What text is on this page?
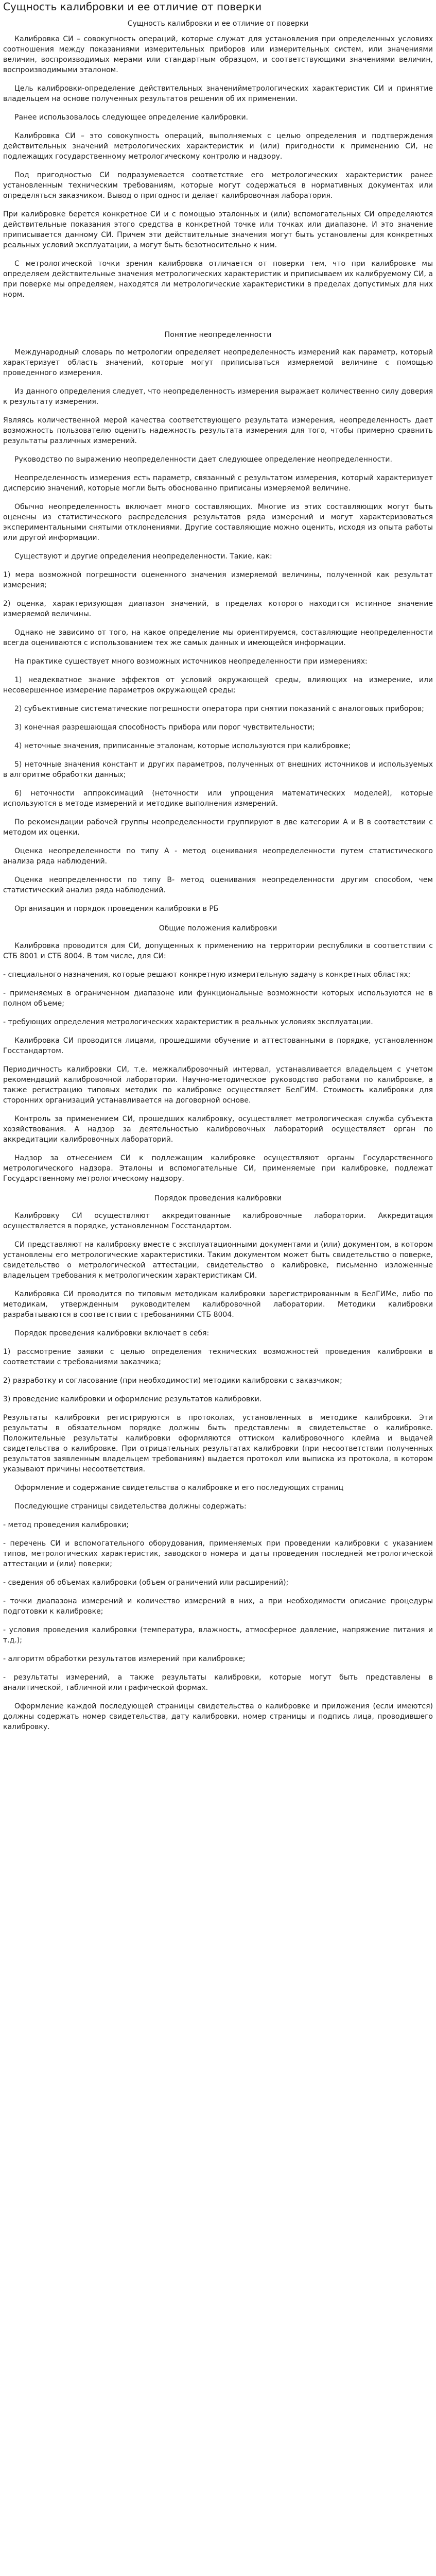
Сущность калибровки и ее отличие от поверки
Сущность калибровки и ее отличие от поверки

Калибровка СИ – совокупность операций, которые служат для установления при определенных условиях соотношения между показаниями измерительных приборов или измерительных систем, или значениями величин, воспроизводимых мерами или стандартным образцом, и соответствующими значениями величин, воспроизводимыми эталоном.

Цель калибровки-определение действительных значенийметрологических характеристик СИ и принятие владельцем на основе полученных результатов решения об их применении.

Ранее использовалось следующее определение калибровки.

Калибровка СИ – это совокупность операций, выполняемых с целью определения и подтверждения действительных значений метрологических характеристик и (или) пригодности к применению СИ, не подлежащих государственному метрологическому контролю и надзору.

Под пригодностью СИ подразумевается соответствие его метрологических характеристик ранее установленным техническим требованиям, которые могут содержаться в нормативных документах или определяться заказчиком. Вывод о пригодности делает калибровочная лаборатория.

При калибровке берется конкретное СИ и с помощью эталонных и (или) вспомогательных СИ определяются действительные показания этого средства в конкретной точке или точках или диапазоне. И это значение приписывается данному СИ. Причем эти действительные значения могут быть установлены для конкретных реальных условий эксплуатации, а могут быть безотносительно к ним.

С метрологической точки зрения калибровка отличается от поверки тем, что при калибровке мы определяем действительные значения метрологических характеристик и приписываем их калибруемому СИ, а при поверке мы определяем, находятся ли метрологические характеристики в пределах допустимых для них норм.

Понятие неопределенности

Международный словарь по метрологии определяет неопределенность измерений как параметр, который характеризует область значений, которые могут приписываться измеряемой величине с помощью проведенного измерения.

Из данного определения следует, что неопределенность измерения выражает количественно силу доверия к результату измерения.

Являясь количественной мерой качества соответствующего результата измерения, неопределенность дает возможность пользователю оценить надежность результата измерения для того, чтобы примерно сравнить результаты различных измерений.

Руководство по выражению неопределенности дает следующее определение неопределенности.

Неопределенность измерения есть параметр, связанный с результатом измерения, который характеризует дисперсию значений, которые могли быть обоснованно приписаны измеряемой величине.

Обычно неопределенность включает много составляющих. Многие из этих составляющих могут быть оценены из статистического распределения результатов ряда измерений и могут характеризоваться экспериментальными снятыми отклонениями. Другие составляющие можно оценить, исходя из опыта работы или другой информации.

Существуют и другие определения неопределенности. Такие, как:

1) мера возможной погрешности оцененного значения измеряемой величины, полученной как результат измерения;

2) оценка, характеризующая диапазон значений, в пределах которого находится истинное значение измеряемой величины.

Однако не зависимо от того, на какое определение мы ориентируемся, составляющие неопределенности всегда оцениваются с использованием тех же самых данных и имеющейся информации.

На практике существует много возможных источников неопределенности при измерениях:

1) неадекватное знание эффектов от условий окружающей среды, влияющих на измерение, или несовершенное измерение параметров окружающей среды;

2) субъективные систематические погрешности оператора при снятии показаний с аналоговых приборов;

3) конечная разрешающая способность прибора или порог чувствительности;

4) неточные значения, приписанные эталонам, которые используются при калибровке;

5) неточные значения констант и других параметров, полученных от внешних источников и используемых в алгоритме обработки данных;

6) неточности аппроксимаций (неточности или упрощения математических моделей), которые используются в методе измерений и методике выполнения измерений.

По рекомендации рабочей группы неопределенности группируют в две категории А и В в соответствии с методом их оценки.

Оценка неопределенности по типу А - метод оценивания неопределенности путем статистического анализа ряда наблюдений.

Оценка неопределенности по типу В- метод оценивания неопределенности другим способом, чем статистический анализ ряда наблюдений.

Организация и порядок проведения калибровки в РБ

Общие положения калибровки

Калибровка проводится для СИ, допущенных к применению на территории республики в соответствии с СТБ 8001 и СТБ 8004. В том числе, для СИ:

- специального назначения, которые решают конкретную измерительную задачу в конкретных областях;

- применяемых в ограниченном диапазоне или функциональные возможности которых используются не в полном объеме;

- требующих определения метрологических характеристик в реальных условиях эксплуатации.

Калибровка СИ проводится лицами, прошедшими обучение и аттестованными в порядке, установленном Госстандартом.

Периодичность калибровки СИ, т.е. межкалибровочный интервал, устанавливается владельцем с учетом рекомендаций калибровочной лаборатории. Научно-методическое руководство работами по калибровке, а также регистрацию типовых методик по калибровке осуществляет БелГИМ. Стоимость калибровки для сторонних организаций устанавливается на договорной основе.

Контроль за применением СИ, прошедших калибровку, осуществляет метрологическая служба субъекта хозяйствования. А надзор за деятельностью калибровочных лабораторий осуществляет орган по аккредитации калибровочных лабораторий.

Надзор за отнесением СИ к подлежащим калибровке осуществляют органы Государственного метрологического надзора. Эталоны и вспомогательные СИ, применяемые при калибровке, подлежат Государственному метрологическому надзору.

Порядок проведения калибровки

Калибровку СИ осуществляют аккредитованные калибровочные лаборатории. Аккредитация осуществляется в порядке, установленном Госстандартом.

СИ представляют на калибровку вместе с эксплуатационными документами и (или) документом, в котором установлены его метрологические характеристики. Таким документом может быть свидетельство о поверке, свидетельство о метрологической аттестации, свидетельство о калибровке, письменно изложенные владельцем требования к метрологическим характеристикам СИ.

Калибровка СИ проводится по типовым методикам калибровки зарегистрированным в БелГИМе, либо по методикам, утвержденным руководителем калибровочной лаборатории. Методики калибровки разрабатываются в соответствии с требованиями СТБ 8004.

Порядок проведения калибровки включает в себя:

1) рассмотрение заявки с целью определения технических возможностей проведения калибровки в соответствии с требованиями заказчика;

2) разработку и согласование (при необходимости) методики калибровки с заказчиком;

3) проведение калибровки и оформление результатов калибровки.

Результаты калибровки регистрируются в протоколах, установленных в методике калибровки. Эти результаты в обязательном порядке должны быть представлены в свидетельстве о калибровке. Положительные результаты калибровки оформляются оттиском калибровочного клейма и выдачей свидетельства о калибровке. При отрицательных результатах калибровки (при несоответствии полученных результатов заявленным владельцем требованиям) выдается протокол или выписка из протокола, в котором указывают причины несоответствия.

Оформление и содержание свидетельства о калибровке и его последующих страниц

Последующие страницы свидетельства должны содержать:

- метод проведения калибровки;

- перечень СИ и вспомогательного оборудования, применяемых при проведении калибровки с указанием типов, метрологических характеристик, заводского номера и даты проведения последней метрологической аттестации и (или) поверки;

- сведения об объемах калибровки (объем ограничений или расширений);

- точки диапазона измерений и количество измерений в них, а при необходимости описание процедуры подготовки к калибровке;

- условия проведения калибровки (температура, влажность, атмосферное давление, напряжение питания и т.д.);

- алгоритм обработки результатов измерений при калибровке;

- результаты измерений, а также результаты калибровки, которые могут быть представлены в аналитической, табличной или графической формах.

Оформление каждой последующей страницы свидетельства о калибровке и приложения (если имеются) должны содержать номер свидетельства, дату калибровки, номер страницы и подпись лица, проводившего калибровку.
